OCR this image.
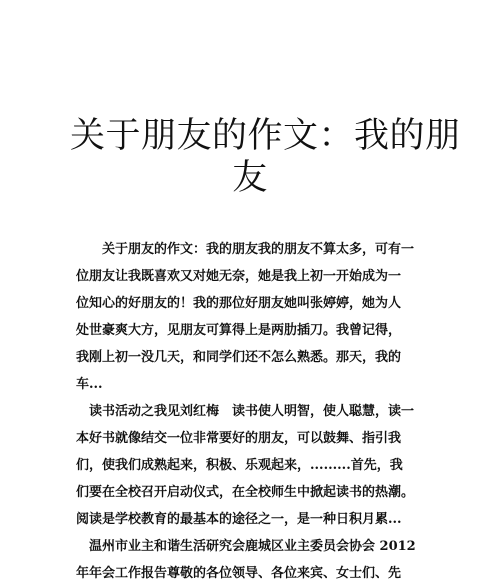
关于朋友的作文：我的朋
友
　　关于朋友的作文：我的朋友我的朋友不算太多，可有一
位朋友让我既喜欢又对她无奈，她是我上初一开始成为一
位知心的好朋友的！我的那位好朋友她叫张婷婷，她为人
处世豪爽大方，见朋友可算得上是两肋插刀。我曾记得，
我刚上初一没几天，和同学们还不怎么熟悉。那天，我的
车...
　读书活动之我见刘红梅　读书使人明智，使人聪慧，读一
本好书就像结交一位非常要好的朋友，可以鼓舞、指引我
们，使我们成熟起来，积极、乐观起来，.........首先，我
们要在全校召开启动仪式，在全校师生中掀起读书的热潮。
阅读是学校教育的最基本的途径之一，是一种日积月累...
　温州市业主和谐生活研究会鹿城区业主委员会协会 2012
年年会工作报告尊敬的各位领导、各位来宾、女士们、先
